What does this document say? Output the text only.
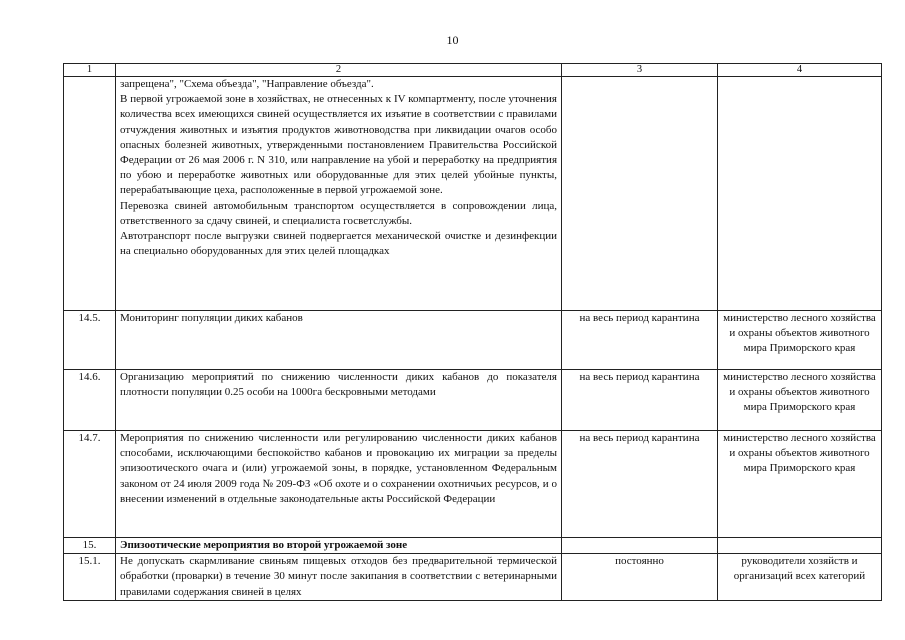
10
1	2	3	4

	запрещена", "Схема объезда", "Направление объезда".

В первой угрожаемой зоне в хозяйствах, не отнесенных к IV компартменту, после уточнения количества всех имеющихся свиней осуществляется их изъятие в соответствии с правилами отчуждения животных и изъятия продуктов животноводства при ликвидации очагов особо опасных болезней животных, утвержденными постановлением Правительства Российской Федерации от 26 мая 2006 г. N 310, или направление на убой и переработку на предприятия по убою и переработке животных или оборудованные для этих целей убойные пункты, перерабатывающие цеха, расположенные в первой угрожаемой зоне.

Перевозка свиней автомобильным транспортом осуществляется в сопровождении лица, ответственного за сдачу свиней, и специалиста госветслужбы.

Автотранспорт после выгрузки свиней подвергается механической очистке и дезинфекции на специально оборудованных для этих целей площадках		

14.5.	Мониторинг популяции диких кабанов	на весь период карантина	министерство лесного хозяйства и охраны объектов животного мира Приморского края
14.6.	Организацию мероприятий по снижению численности диких кабанов до показателя плотности популяции 0.25 особи на 1000га бескровными методами	на весь период карантина	министерство лесного хозяйства и охраны объектов животного мира Приморского края
14.7.	Мероприятия по снижению численности или регулированию численности диких кабанов способами, исключающими беспокойство кабанов и провокацию их миграции за пределы эпизоотического очага и (или) угрожаемой зоны, в порядке, установленном Федеральным законом от 24 июля 2009 года № 209-ФЗ «Об охоте и о сохранении охотничьих ресурсов, и о внесении изменений в отдельные законодательные акты Российской Федерации	на весь период карантина	министерство лесного хозяйства и охраны объектов животного мира Приморского края
15.	Эпизоотические мероприятия во второй угрожаемой зоне		
15.1.	Не допускать скармливание свиньям пищевых отходов без предварительной термической обработки (проварки) в течение 30 минут после закипания в соответствии с ветеринарными правилами содержания свиней в целях	постоянно	руководители хозяйств и организаций всех категорий
